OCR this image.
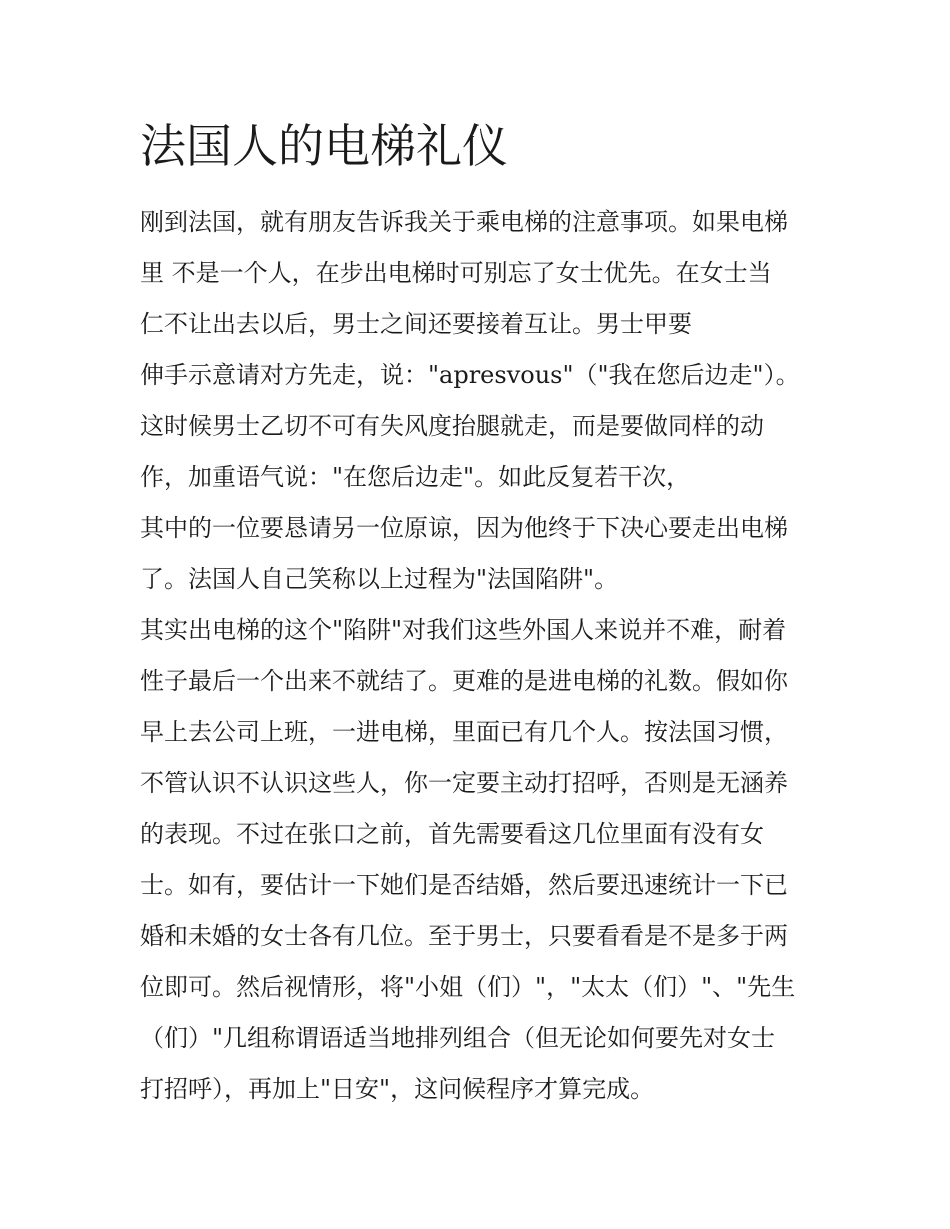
法国人的电梯礼仪

刚到法国，就有朋友告诉我关于乘电梯的注意事项。如果电梯

里 不是一个人，在步出电梯时可别忘了女士优先。在女士当

仁不让出去以后，男士之间还要接着互让。男士甲要

伸手示意请对方先走，说："apresvous"（"我在您后边走"）。

这时候男士乙切不可有失风度抬腿就走，而是要做同样的动

作，加重语气说："在您后边走"。如此反复若干次，

其中的一位要恳请另一位原谅，因为他终于下决心要走出电梯

了。法国人自己笑称以上过程为"法国陷阱"。

其实出电梯的这个"陷阱"对我们这些外国人来说并不难，耐着

性子最后一个出来不就结了。更难的是进电梯的礼数。假如你

早上去公司上班，一进电梯，里面已有几个人。按法国习惯，

不管认识不认识这些人，你一定要主动打招呼，否则是无涵养

的表现。不过在张口之前，首先需要看这几位里面有没有女

士。如有，要估计一下她们是否结婚，然后要迅速统计一下已

婚和未婚的女士各有几位。至于男士，只要看看是不是多于两

位即可。然后视情形，将"小姐（们）"，"太太（们）"、"先生

（们）"几组称谓语适当地排列组合（但无论如何要先对女士

打招呼），再加上"日安"，这问候程序才算完成。
